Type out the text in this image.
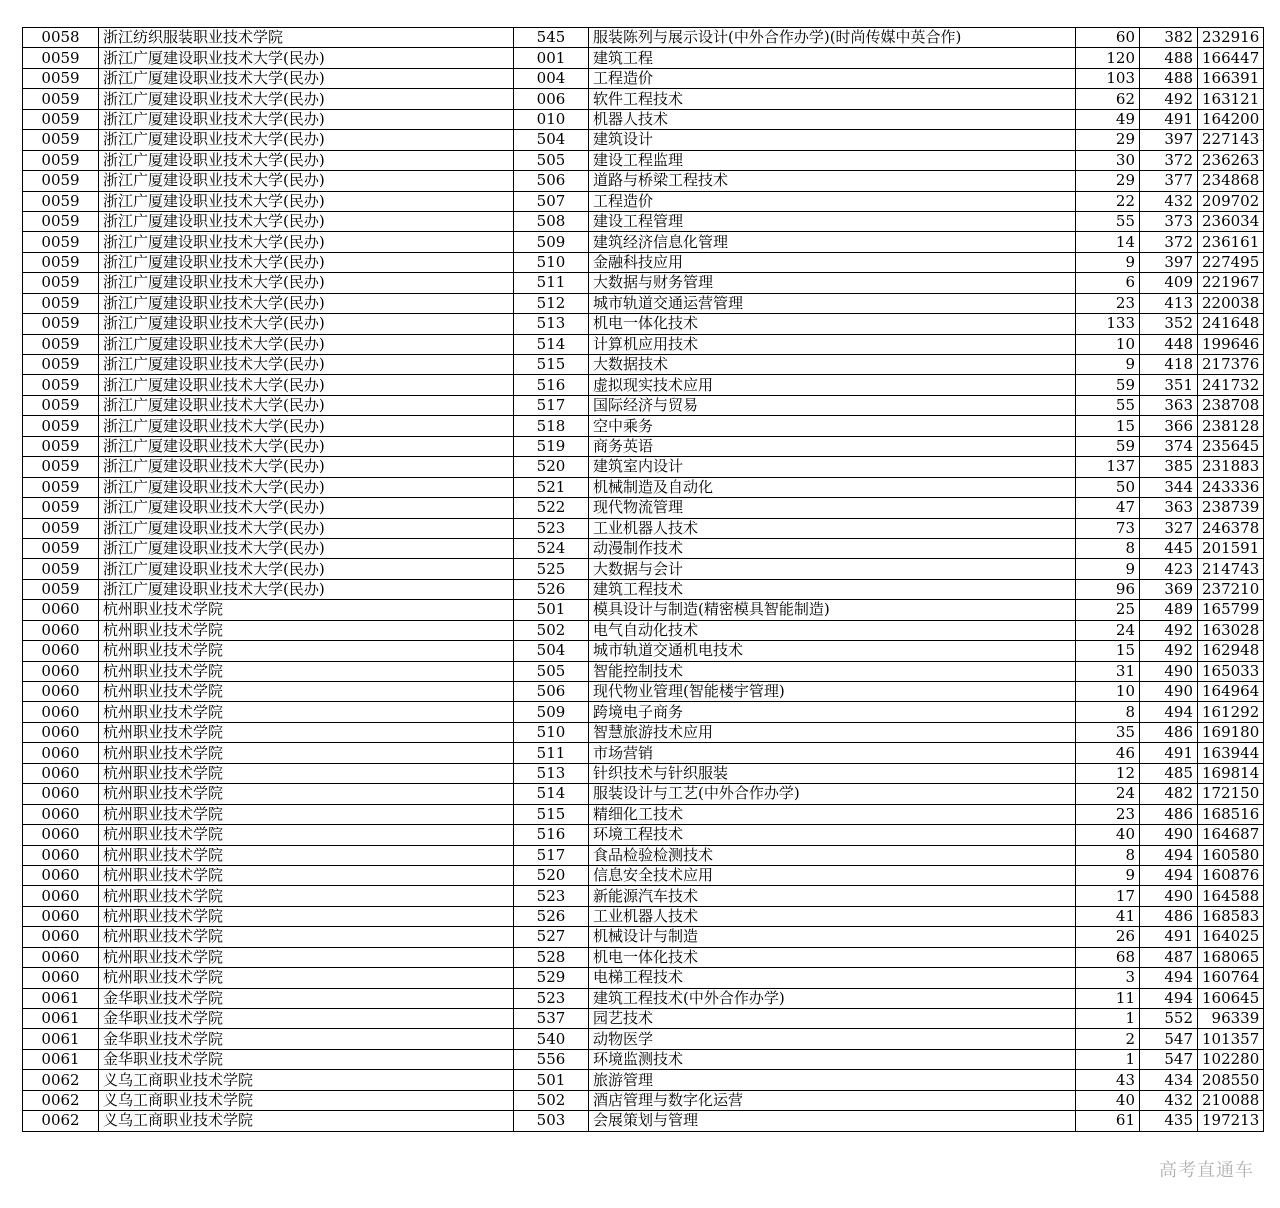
0058	浙江纺织服装职业技术学院	545	服装陈列与展示设计(中外合作办学)(时尚传媒中英合作)	60	382	232916
0059	浙江广厦建设职业技术大学(民办)	001	建筑工程	120	488	166447
0059	浙江广厦建设职业技术大学(民办)	004	工程造价	103	488	166391
0059	浙江广厦建设职业技术大学(民办)	006	软件工程技术	62	492	163121
0059	浙江广厦建设职业技术大学(民办)	010	机器人技术	49	491	164200
0059	浙江广厦建设职业技术大学(民办)	504	建筑设计	29	397	227143
0059	浙江广厦建设职业技术大学(民办)	505	建设工程监理	30	372	236263
0059	浙江广厦建设职业技术大学(民办)	506	道路与桥梁工程技术	29	377	234868
0059	浙江广厦建设职业技术大学(民办)	507	工程造价	22	432	209702
0059	浙江广厦建设职业技术大学(民办)	508	建设工程管理	55	373	236034
0059	浙江广厦建设职业技术大学(民办)	509	建筑经济信息化管理	14	372	236161
0059	浙江广厦建设职业技术大学(民办)	510	金融科技应用	9	397	227495
0059	浙江广厦建设职业技术大学(民办)	511	大数据与财务管理	6	409	221967
0059	浙江广厦建设职业技术大学(民办)	512	城市轨道交通运营管理	23	413	220038
0059	浙江广厦建设职业技术大学(民办)	513	机电一体化技术	133	352	241648
0059	浙江广厦建设职业技术大学(民办)	514	计算机应用技术	10	448	199646
0059	浙江广厦建设职业技术大学(民办)	515	大数据技术	9	418	217376
0059	浙江广厦建设职业技术大学(民办)	516	虚拟现实技术应用	59	351	241732
0059	浙江广厦建设职业技术大学(民办)	517	国际经济与贸易	55	363	238708
0059	浙江广厦建设职业技术大学(民办)	518	空中乘务	15	366	238128
0059	浙江广厦建设职业技术大学(民办)	519	商务英语	59	374	235645
0059	浙江广厦建设职业技术大学(民办)	520	建筑室内设计	137	385	231883
0059	浙江广厦建设职业技术大学(民办)	521	机械制造及自动化	50	344	243336
0059	浙江广厦建设职业技术大学(民办)	522	现代物流管理	47	363	238739
0059	浙江广厦建设职业技术大学(民办)	523	工业机器人技术	73	327	246378
0059	浙江广厦建设职业技术大学(民办)	524	动漫制作技术	8	445	201591
0059	浙江广厦建设职业技术大学(民办)	525	大数据与会计	9	423	214743
0059	浙江广厦建设职业技术大学(民办)	526	建筑工程技术	96	369	237210
0060	杭州职业技术学院	501	模具设计与制造(精密模具智能制造)	25	489	165799
0060	杭州职业技术学院	502	电气自动化技术	24	492	163028
0060	杭州职业技术学院	504	城市轨道交通机电技术	15	492	162948
0060	杭州职业技术学院	505	智能控制技术	31	490	165033
0060	杭州职业技术学院	506	现代物业管理(智能楼宇管理)	10	490	164964
0060	杭州职业技术学院	509	跨境电子商务	8	494	161292
0060	杭州职业技术学院	510	智慧旅游技术应用	35	486	169180
0060	杭州职业技术学院	511	市场营销	46	491	163944
0060	杭州职业技术学院	513	针织技术与针织服装	12	485	169814
0060	杭州职业技术学院	514	服装设计与工艺(中外合作办学)	24	482	172150
0060	杭州职业技术学院	515	精细化工技术	23	486	168516
0060	杭州职业技术学院	516	环境工程技术	40	490	164687
0060	杭州职业技术学院	517	食品检验检测技术	8	494	160580
0060	杭州职业技术学院	520	信息安全技术应用	9	494	160876
0060	杭州职业技术学院	523	新能源汽车技术	17	490	164588
0060	杭州职业技术学院	526	工业机器人技术	41	486	168583
0060	杭州职业技术学院	527	机械设计与制造	26	491	164025
0060	杭州职业技术学院	528	机电一体化技术	68	487	168065
0060	杭州职业技术学院	529	电梯工程技术	3	494	160764
0061	金华职业技术学院	523	建筑工程技术(中外合作办学)	11	494	160645
0061	金华职业技术学院	537	园艺技术	1	552	96339
0061	金华职业技术学院	540	动物医学	2	547	101357
0061	金华职业技术学院	556	环境监测技术	1	547	102280
0062	义乌工商职业技术学院	501	旅游管理	43	434	208550
0062	义乌工商职业技术学院	502	酒店管理与数字化运营	40	432	210088
0062	义乌工商职业技术学院	503	会展策划与管理	61	435	197213
高考直通车
